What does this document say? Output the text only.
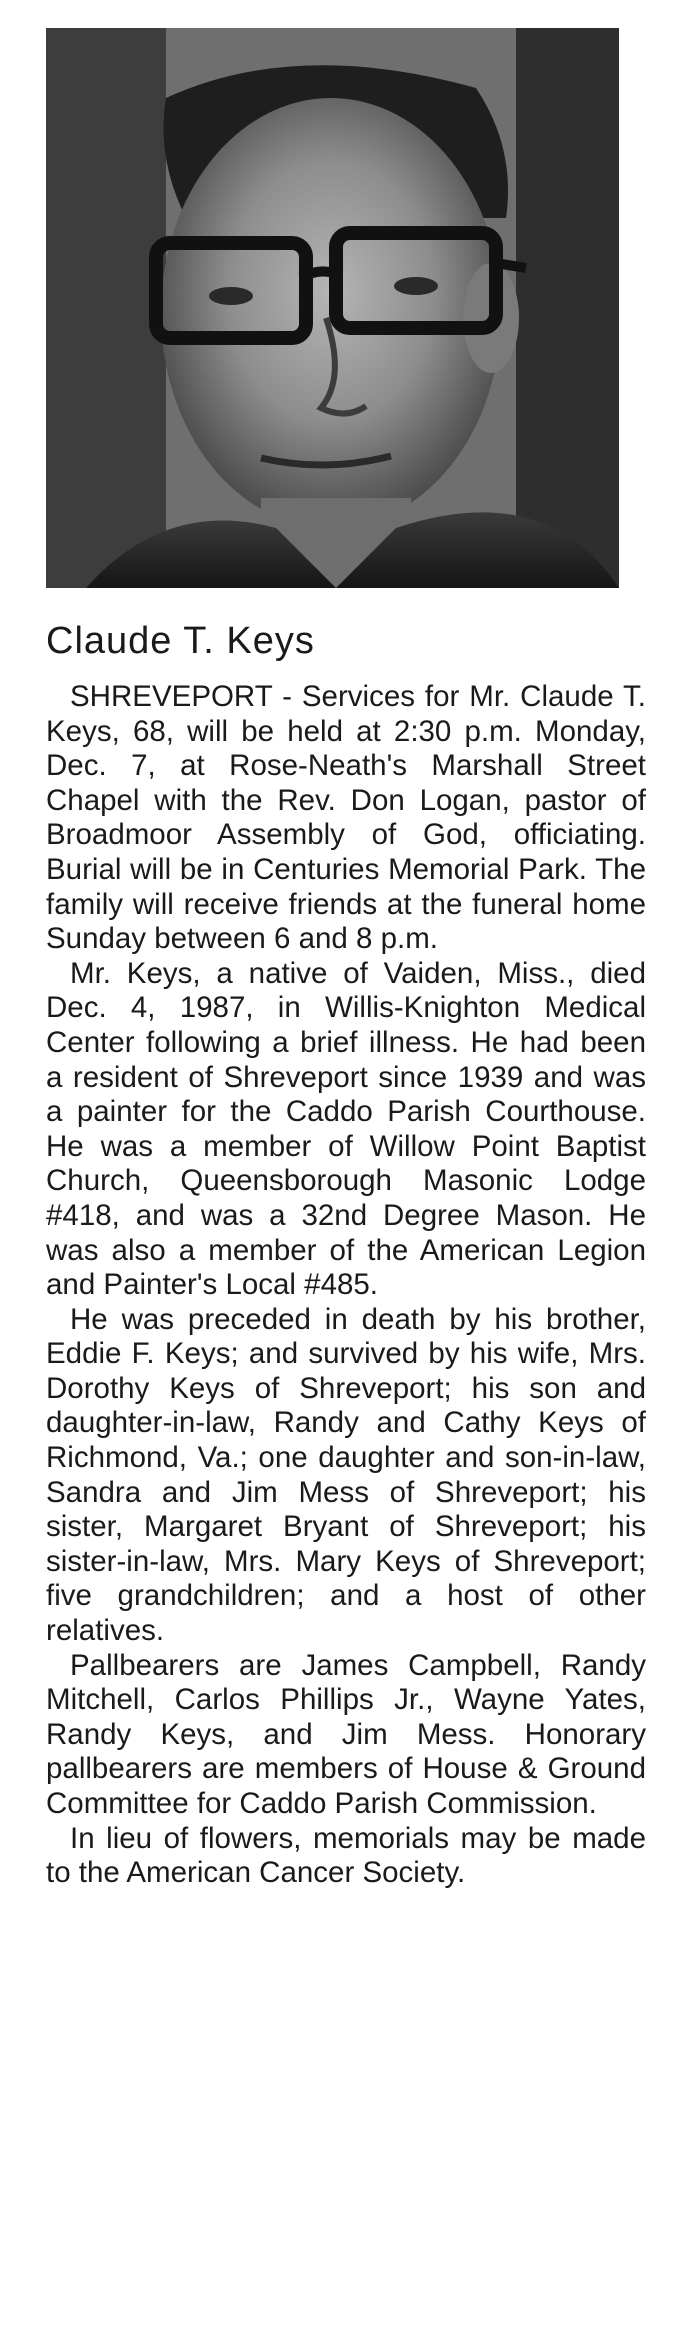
Claude T. Keys

SHREVEPORT - Services for Mr. Claude T. Keys, 68, will be held at 2:30 p.m. Monday, Dec. 7, at Rose-Neath's Marshall Street Chapel with the Rev. Don Logan, pastor of Broadmoor Assembly of God, officiating. Burial will be in Centuries Memorial Park. The family will receive friends at the funeral home Sunday between 6 and 8 p.m.

Mr. Keys, a native of Vaiden, Miss., died Dec. 4, 1987, in Willis-Knighton Medical Center following a brief illness. He had been a resident of Shreveport since 1939 and was a painter for the Caddo Parish Courthouse. He was a member of Willow Point Baptist Church, Queensborough Masonic Lodge #418, and was a 32nd Degree Mason. He was also a member of the American Legion and Painter's Local #485.

He was preceded in death by his brother, Eddie F. Keys; and survived by his wife, Mrs. Dorothy Keys of Shreveport; his son and daughter-in-law, Randy and Cathy Keys of Richmond, Va.; one daughter and son-in-law, Sandra and Jim Mess of Shreveport; his sister, Margaret Bryant of Shreveport; his sister-in-law, Mrs. Mary Keys of Shreveport; five grandchildren; and a host of other relatives.

Pallbearers are James Campbell, Randy Mitchell, Carlos Phillips Jr., Wayne Yates, Randy Keys, and Jim Mess. Honorary pallbearers are members of House & Ground Committee for Caddo Parish Commission.

In lieu of flowers, memorials may be made to the American Cancer Society.
